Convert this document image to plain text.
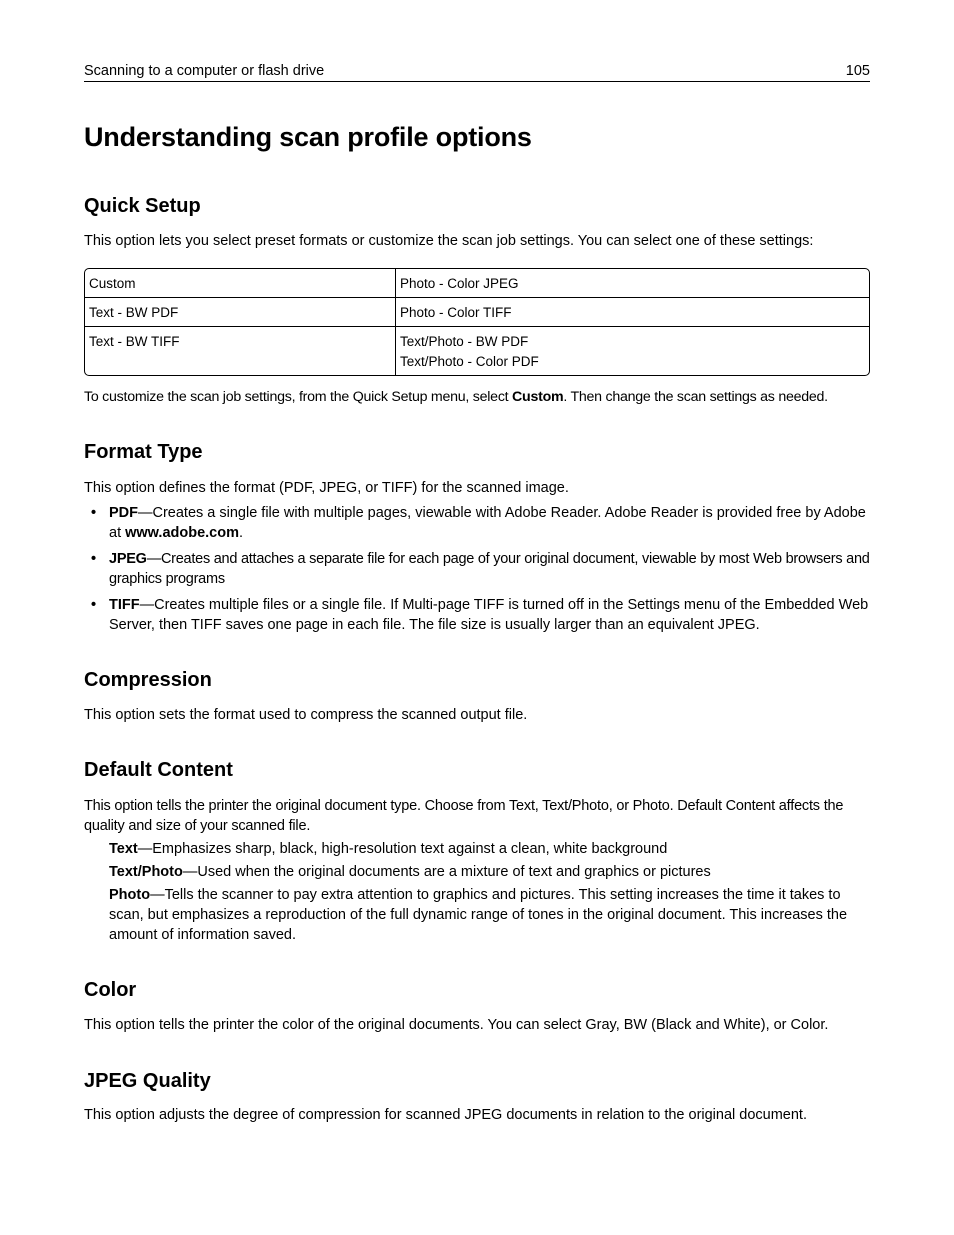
Scanning to a computer or flash drive	105
Understanding scan profile options
Quick Setup

This option lets you select preset formats or customize the scan job settings. You can select one of these settings:

Custom	Photo - Color JPEG
Text - BW PDF	Photo - Color TIFF
Text - BW TIFF	Text/Photo - BW PDF
Text/Photo - Color PDF

To customize the scan job settings, from the Quick Setup menu, select Custom. Then change the scan settings as needed.

Format Type

This option defines the format (PDF, JPEG, or TIFF) for the scanned image.

• PDF—Creates a single file with multiple pages, viewable with Adobe Reader. Adobe Reader is provided free by Adobe at www.adobe.com.
• JPEG—Creates and attaches a separate file for each page of your original document, viewable by most Web browsers and graphics programs
• TIFF—Creates multiple files or a single file. If Multi-page TIFF is turned off in the Settings menu of the Embedded Web Server, then TIFF saves one page in each file. The file size is usually larger than an equivalent JPEG.
Compression

This option sets the format used to compress the scanned output file.

Default Content

This option tells the printer the original document type. Choose from Text, Text/Photo, or Photo. Default Content affects the quality and size of your scanned file.

Text—Emphasizes sharp, black, high-resolution text against a clean, white background
Text/Photo—Used when the original documents are a mixture of text and graphics or pictures
Photo—Tells the scanner to pay extra attention to graphics and pictures. This setting increases the time it takes to scan, but emphasizes a reproduction of the full dynamic range of tones in the original document. This increases the amount of information saved.
Color

This option tells the printer the color of the original documents. You can select Gray, BW (Black and White), or Color.

JPEG Quality

This option adjusts the degree of compression for scanned JPEG documents in relation to the original document.
